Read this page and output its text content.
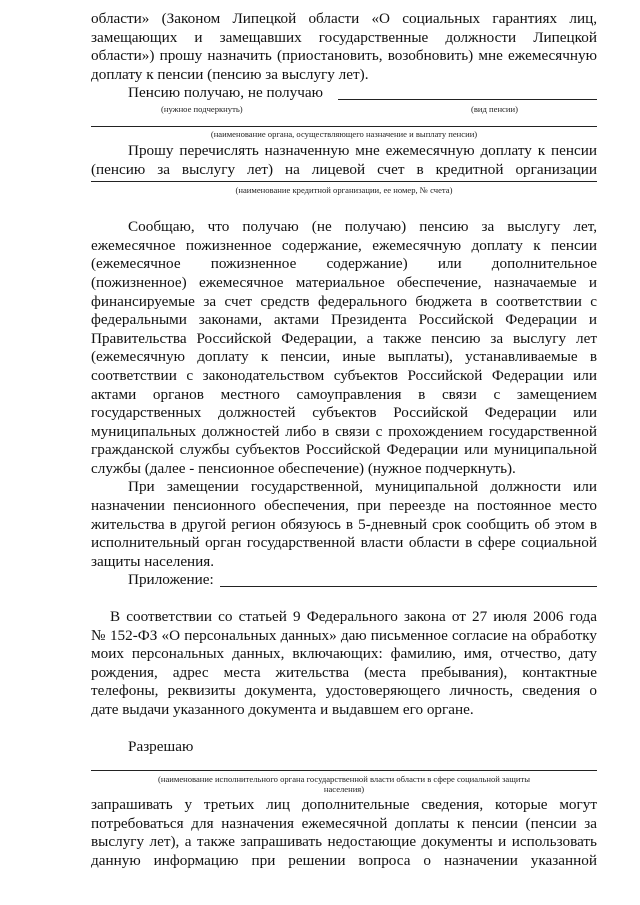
области» (Законом Липецкой области «О социальных гарантиях лиц,

замещающих и замещавших государственные должности Липецкой

области») прошу назначить (приостановить, возобновить) мне ежемесячную

доплату к пенсии (пенсию за выслугу лет).

Пенсию получаю, не получаю
(нужное подчеркнуть)	(вид пенсии)
(наименование органа, осуществляющего назначение и выплату пенсии)

Прошу перечислять назначенную мне ежемесячную доплату к пенсии

(пенсию за выслугу лет) на лицевой счет в кредитной организации

(наименование кредитной организации, ее номер, № счета)

Сообщаю, что получаю (не получаю) пенсию за выслугу лет,

ежемесячное пожизненное содержание, ежемесячную доплату к пенсии

(ежемесячное пожизненное содержание) или дополнительное

(пожизненное) ежемесячное материальное обеспечение, назначаемые и

финансируемые за счет средств федерального бюджета в соответствии с

федеральными законами, актами Президента Российской Федерации и

Правительства Российской Федерации, а также пенсию за выслугу лет

(ежемесячную доплату к пенсии, иные выплаты), устанавливаемые в

соответствии с законодательством субъектов Российской Федерации или

актами органов местного самоуправления в связи с замещением

государственных должностей субъектов Российской Федерации или

муниципальных должностей либо в связи с прохождением государственной

гражданской службы субъектов Российской Федерации или муниципальной

службы (далее - пенсионное обеспечение) (нужное подчеркнуть).

При замещении государственной, муниципальной должности или

назначении пенсионного обеспечения, при переезде на постоянное место

жительства в другой регион обязуюсь в 5-дневный срок сообщить об этом в

исполнительный орган государственной власти области в сфере социальной

защиты населения.

Приложение:

В соответствии со статьей 9 Федерального закона от 27 июля 2006 года

№ 152-ФЗ «О персональных данных» даю письменное согласие на обработку

моих персональных данных, включающих: фамилию, имя, отчество, дату

рождения, адрес места жительства (места пребывания), контактные

телефоны, реквизиты документа, удостоверяющего личность, сведения о

дате выдачи указанного документа и выдавшем его органе.

Разрешаю
(наименование исполнительного органа государственной власти области в сфере социальной защиты
населения)

запрашивать у третьих лиц дополнительные сведения, которые могут

потребоваться для назначения ежемесячной доплаты к пенсии (пенсии за

выслугу лет), а также запрашивать недостающие документы и использовать

данную информацию при решении вопроса о назначении указанной
